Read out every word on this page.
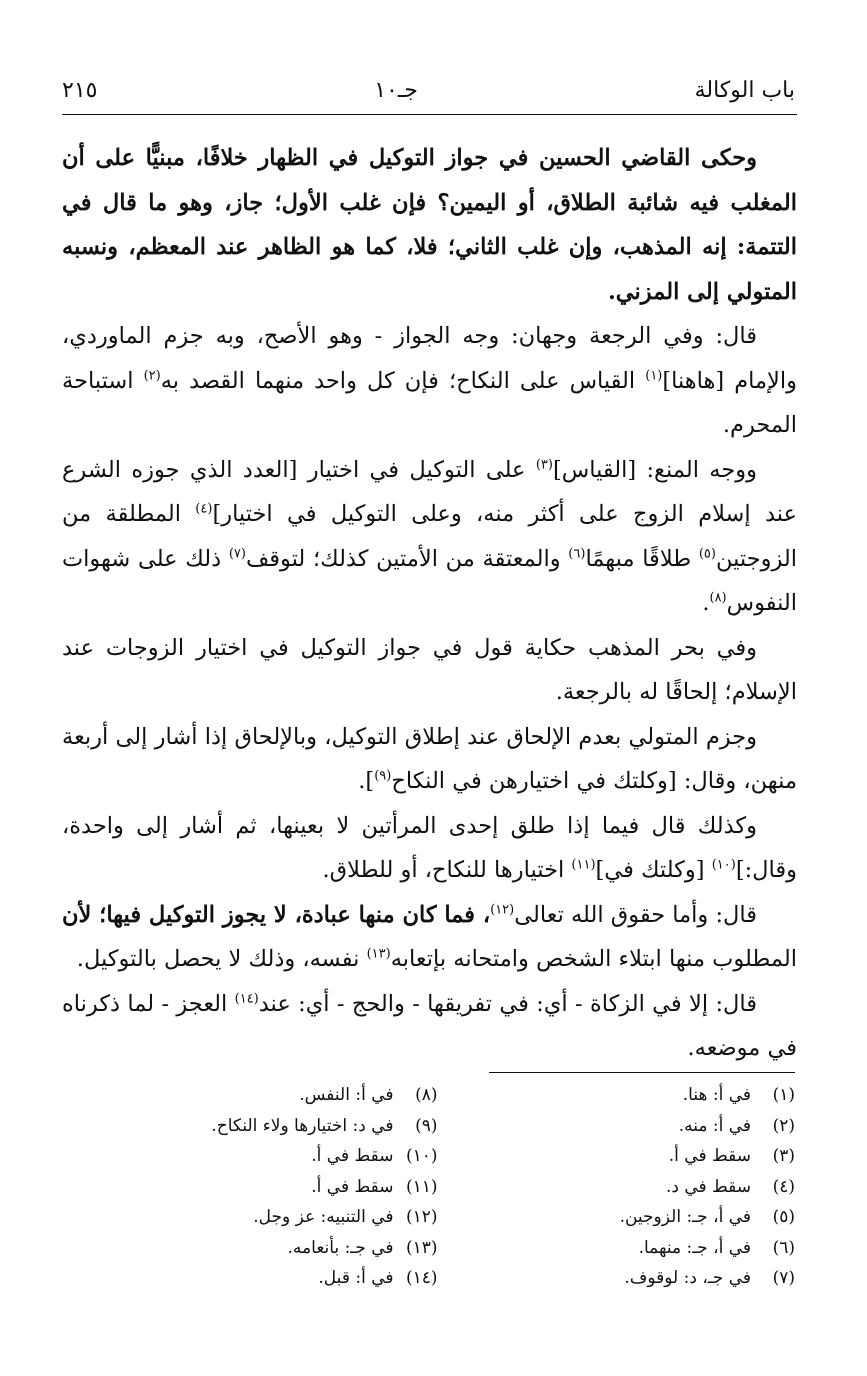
باب الوكالة
جـ١٠
٢١٥

وحكى القاضي الحسين في جواز التوكيل في الظهار خلافًا، مبنيًّا على أن المغلب فيه شائبة الطلاق، أو اليمين؟ فإن غلب الأول؛ جاز، وهو ما قال في التتمة: إنه المذهب، وإن غلب الثاني؛ فلا، كما هو الظاهر عند المعظم، ونسبه المتولي إلى المزني.

قال: وفي الرجعة وجهان: وجه الجواز - وهو الأصح، وبه جزم الماوردي، والإمام [هاهنا]$^{(١)}$ القياس على النكاح؛ فإن كل واحد منهما القصد به$^{(٢)}$ استباحة المحرم.

ووجه المنع: [القياس]$^{(٣)}$ على التوكيل في اختيار [العدد الذي جوزه الشرع عند إسلام الزوج على أكثر منه، وعلى التوكيل في اختيار]$^{(٤)}$ المطلقة من الزوجتين$^{(٥)}$ طلاقًا مبهمًا$^{(٦)}$ والمعتقة من الأمتين كذلك؛ لتوقف$^{(٧)}$ ذلك على شهوات النفوس$^{(٨)}$.

وفي بحر المذهب حكاية قول في جواز التوكيل في اختيار الزوجات عند الإسلام؛ إلحاقًا له بالرجعة.

وجزم المتولي بعدم الإلحاق عند إطلاق التوكيل، وبالإلحاق إذا أشار إلى أربعة منهن، وقال: [وكلتك في اختيارهن في النكاح$^{(٩)}$].

وكذلك قال فيما إذا طلق إحدى المرأتين لا بعينها، ثم أشار إلى واحدة، وقال:]$^{(١٠)}$ [وكلتك في]$^{(١١)}$ اختيارها للنكاح، أو للطلاق.

قال: وأما حقوق الله تعالى$^{(١٢)}$، فما كان منها عبادة، لا يجوز التوكيل فيها؛ لأن المطلوب منها ابتلاء الشخص وامتحانه بإتعابه$^{(١٣)}$ نفسه، وذلك لا يحصل بالتوكيل.

قال: إلا في الزكاة - أي: في تفريقها - والحج - أي: عند$^{(١٤)}$ العجز - لما ذكرناه في موضعه.

(١)في أ: هنا.
(٢)في أ: منه.
(٣)سقط في أ.
(٤)سقط في د.
(٥)في أ، جـ: الزوجين.
(٦)في أ، جـ: منهما.
(٧)في جـ، د: لوقوف.
(٨)في أ: النفس.
(٩)في د: اختيارها ولاء النكاح.
(١٠)سقط في أ.
(١١)سقط في أ.
(١٢)في التنبيه: عز وجل.
(١٣)في جـ: بأنعامه.
(١٤)في أ: قبل.
